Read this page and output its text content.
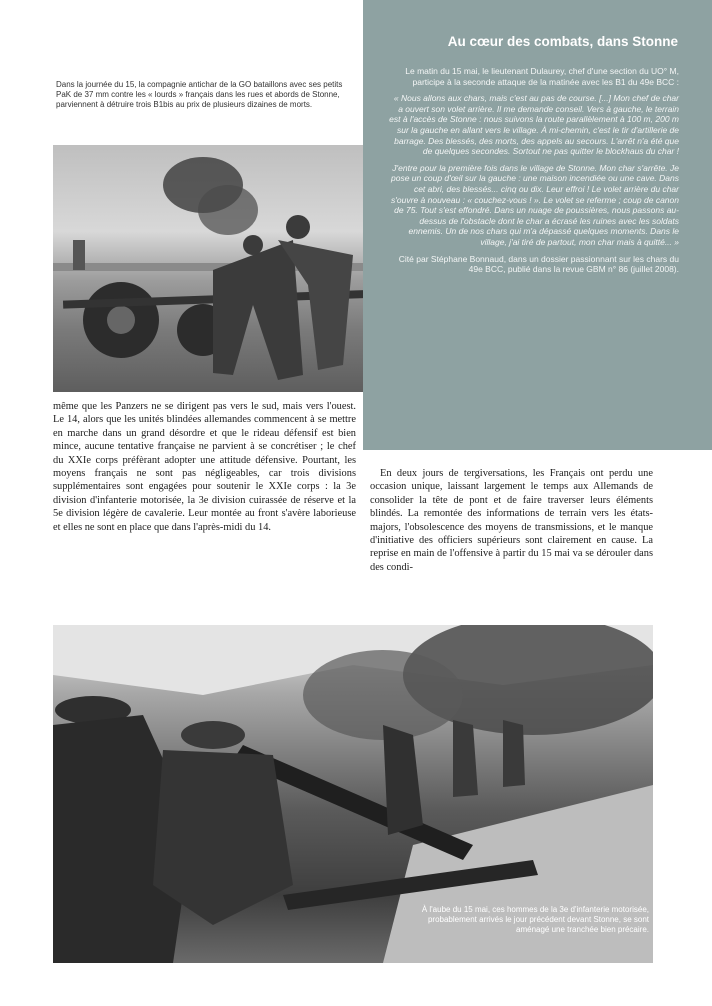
Dans la journée du 15, la compagnie antichar de la GO bataillons avec ses petits PaK de 37 mm contre les « lourds » français dans les rues et abords de Stonne, parviennent à détruire trois B1bis au prix de plusieurs dizaines de morts.

Au cœur des combats, dans Stonne

Le matin du 15 mai, le lieutenant Dulaurey, chef d'une section du UO° M, participe à la seconde attaque de la matinée avec les B1 du 49e BCC :

« Nous allons aux chars, mais c'est au pas de course. [...] Mon chef de char a ouvert son volet arrière. Il me demande conseil. Vers à gauche, le terrain est à l'accès de Stonne : nous suivons la route parallèlement à 100 m, 200 m sur la gauche en allant vers le village. À mi-chemin, c'est le tir d'artillerie de barrage. Des blessés, des morts, des appels au secours. L'arrêt n'a été que de quelques secondes. Sortout ne pas quitter le blockhaus du char !

J'entre pour la première fois dans le village de Stonne. Mon char s'arrête. Je pose un coup d'œil sur la gauche : une maison incendiée ou une cave. Dans cet abri, des blessés... cinq ou dix. Leur effroi ! Le volet arrière du char s'ouvre à nouveau : « couchez-vous ! ». Le volet se referme ; coup de canon de 75. Tout s'est effondré. Dans un nuage de poussières, nous passons au-dessus de l'obstacle dont le char a écrasé les ruines avec les soldats ennemis. Un de nos chars qui m'a dépassé quelques moments. Dans le village, j'ai tiré de partout, mon char mais à quitté... »

Cité par Stéphane Bonnaud, dans un dossier passionnant sur les chars du 49e BCC, publié dans la revue GBM n° 86 (juillet 2008).

même que les Panzers ne se dirigent pas vers le sud, mais vers l'ouest. Le 14, alors que les unités blindées allemandes commencent à se mettre en marche dans un grand désordre et que le rideau défensif est bien mince, aucune tentative française ne parvient à se concrétiser ; le chef du XXIe corps préfèrant adopter une attitude défensive. Pourtant, les moyens français ne sont pas négligeables, car trois divisions supplémentaires sont engagées pour soutenir le XXIe corps : la 3e division d'infanterie motorisée, la 3e division cuirassée de réserve et la 5e division légère de cavalerie. Leur montée au front s'avère laborieuse et elles ne sont en place que dans l'après-midi du 14.

En deux jours de tergiversations, les Français ont perdu une occasion unique, laissant largement le temps aux Allemands de consolider la tête de pont et de faire traverser leurs éléments blindés. La remontée des informations de terrain vers les états-majors, l'obsolescence des moyens de transmissions, et le manque d'initiative des officiers supérieurs sont clairement en cause. La reprise en main de l'offensive à partir du 15 mai va se dérouler dans des condi-

À l'aube du 15 mai, ces hommes de la 3e d'infanterie motorisée, probablement arrivés le jour précédent devant Stonne, se sont aménagé une tranchée bien précaire.
